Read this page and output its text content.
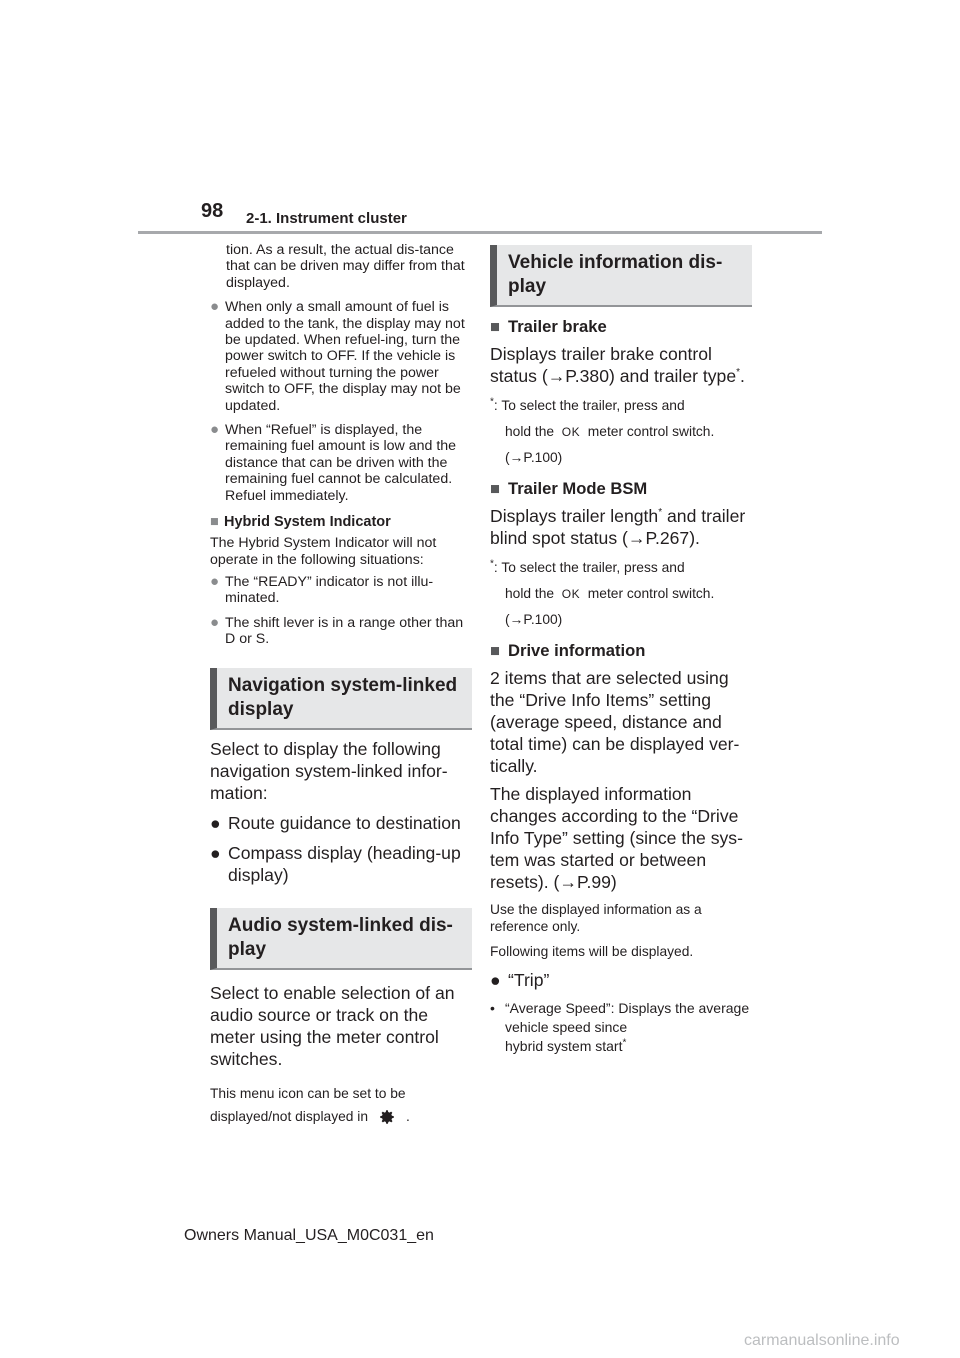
98 2-1. Instrument cluster

tion. As a result, the actual dis-tance that can be driven may differ from that displayed.

● When only a small amount of fuel is added to the tank, the display may not be updated. When refuel-ing, turn the power switch to OFF. If the vehicle is refueled without turning the power switch to OFF, the display may not be updated.
● When “Refuel” is displayed, the remaining fuel amount is low and the distance that can be driven with the remaining fuel cannot be calculated. Refuel immediately.
■ Hybrid System Indicator

The Hybrid System Indicator will not operate in the following situations:

● The “READY” indicator is not illu-minated.
● The shift lever is in a range other than D or S.
Navigation system-linked display

Select to display the following navigation system-linked infor-mation:

● Route guidance to destination
● Compass display (heading-up display)
Audio system-linked dis-play

Select to enable selection of an audio source or track on the meter using the meter control switches.

This menu icon can be set to be displayed/not displayed in	.

Vehicle information dis-play
■ Trailer brake

Displays trailer brake control status (→P.380) and trailer type*.

*: To select the trailer, press and

hold the OK meter control switch.

(→P.100)

■ Trailer Mode BSM

Displays trailer length* and trailer blind spot status (→P.267).

*: To select the trailer, press and

hold the OK meter control switch.

(→P.100)

■ Drive information

2 items that are selected using the “Drive Info Items” setting (average speed, distance and total time) can be displayed ver-tically.

The displayed information changes according to the “Drive Info Type” setting (since the sys-tem was started or between resets). (→P.99)

Use the displayed information as a reference only.

Following items will be displayed.

● “Trip”
• “Average Speed”: Displays the average vehicle speed since
hybrid system start*
Owners Manual_USA_M0C031_en
carmanualsonline.info
